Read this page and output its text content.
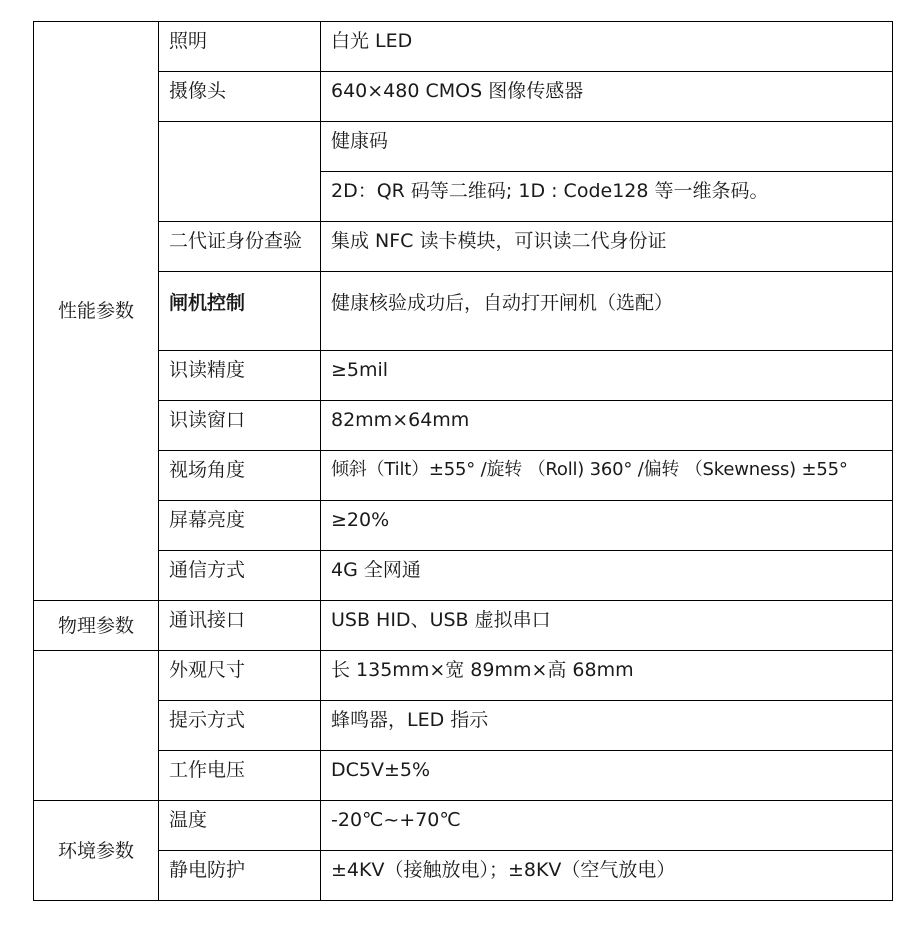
性能参数	照明	白光 LED
	摄像头	640×480 CMOS 图像传感器
		健康码
		2D：QR 码等二维码; 1D : Code128 等一维条码。
	二代证身份查验	集成 NFC 读卡模块，可识读二代身份证
	闸机控制	健康核验成功后，自动打开闸机（选配）
	识读精度	≥5mil
	识读窗口	82mm×64mm
	视场角度	倾斜（Tilt）±55° /旋转 （Roll) 360° /偏转 （Skewness) ±55°
	屏幕亮度	≥20%
	通信方式	4G 全网通
物理参数	通讯接口	USB HID、USB 虚拟串口
	外观尺寸	长 135mm×宽 89mm×高 68mm
	提示方式	蜂鸣器，LED 指示
	工作电压	DC5V±5%
环境参数	温度	-20℃~+70℃
	静电防护	±4KV（接触放电）；±8KV（空气放电）
